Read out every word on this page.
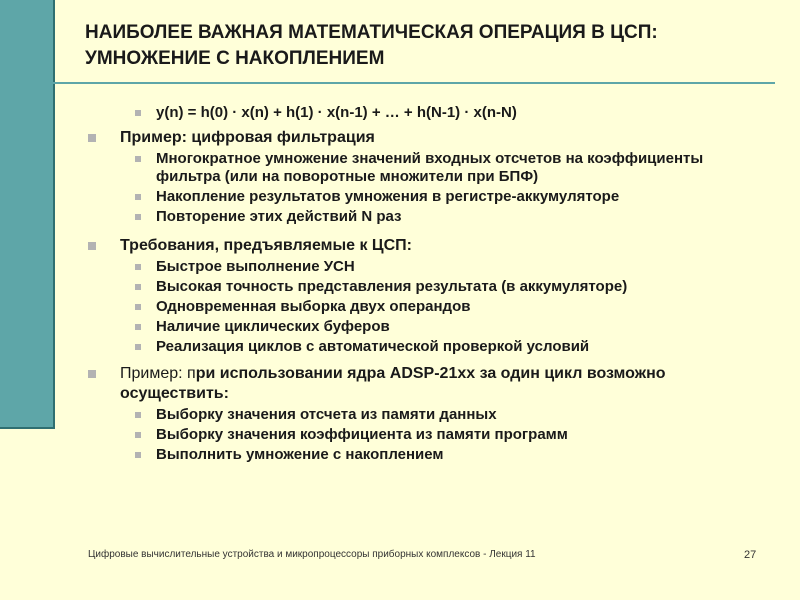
НАИБОЛЕЕ ВАЖНАЯ МАТЕМАТИЧЕСКАЯ ОПЕРАЦИЯ В ЦСП: УМНОЖЕНИЕ С НАКОПЛЕНИЕМ
y(n) = h(0) · x(n) + h(1) · x(n-1) + … + h(N-1) · x(n-N)
Пример: цифровая фильтрация
Многократное умножение значений входных отсчетов на коэффициенты фильтра (или на поворотные множители при БПФ)
Накопление результатов умножения в регистре-аккумуляторе
Повторение этих действий N раз
Требования, предъявляемые к ЦСП:
Быстрое выполнение УСН
Высокая точность представления результата (в аккумуляторе)
Одновременная выборка двух операндов
Наличие циклических буферов
Реализация циклов с автоматической проверкой условий
Пример: при использовании ядра ADSP-21xx за один цикл возможно осуществить:
Выборку значения отсчета из памяти данных
Выборку значения коэффициента из памяти программ
Выполнить умножение с накоплением
Цифровые вычислительные устройства и микропроцессоры приборных комплексов - Лекция 11	27
